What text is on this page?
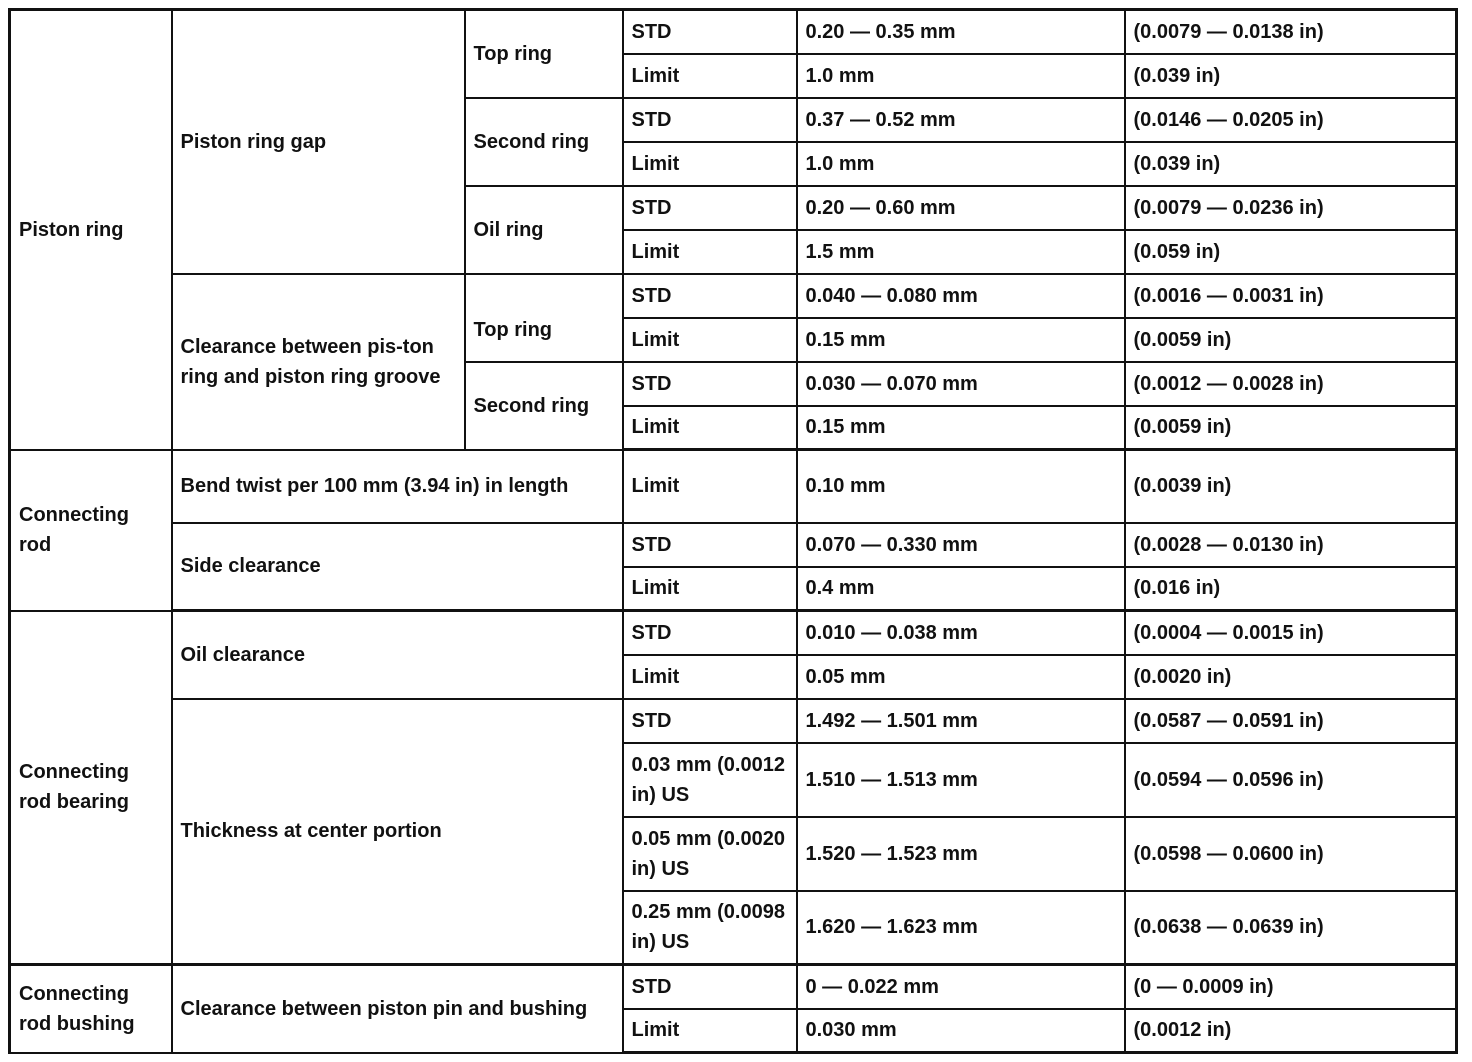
Piston ring	Piston ring gap	Top ring	STD	0.20 — 0.35 mm	(0.0079 — 0.0138 in)
			Limit	1.0 mm	(0.039 in)
		Second ring	STD	0.37 — 0.52 mm	(0.0146 — 0.0205 in)
			Limit	1.0 mm	(0.039 in)
		Oil ring	STD	0.20 — 0.60 mm	(0.0079 — 0.0236 in)
			Limit	1.5 mm	(0.059 in)
	Clearance between pis-ton ring and piston ring groove	Top ring	STD	0.040 — 0.080 mm	(0.0016 — 0.0031 in)
			Limit	0.15 mm	(0.0059 in)
		Second ring	STD	0.030 — 0.070 mm	(0.0012 — 0.0028 in)
			Limit	0.15 mm	(0.0059 in)
Connecting rod	Bend twist per 100 mm (3.94 in) in length		Limit	0.10 mm	(0.0039 in)
	Side clearance		STD	0.070 — 0.330 mm	(0.0028 — 0.0130 in)
			Limit	0.4 mm	(0.016 in)
Connecting rod bearing	Oil clearance		STD	0.010 — 0.038 mm	(0.0004 — 0.0015 in)
			Limit	0.05 mm	(0.0020 in)
	Thickness at center portion		STD	1.492 — 1.501 mm	(0.0587 — 0.0591 in)
			0.03 mm (0.0012 in) US	1.510 — 1.513 mm	(0.0594 — 0.0596 in)
			0.05 mm (0.0020 in) US	1.520 — 1.523 mm	(0.0598 — 0.0600 in)
			0.25 mm (0.0098 in) US	1.620 — 1.623 mm	(0.0638 — 0.0639 in)
Connecting rod bushing	Clearance between piston pin and bushing		STD	0 — 0.022 mm	(0 — 0.0009 in)
			Limit	0.030 mm	(0.0012 in)
